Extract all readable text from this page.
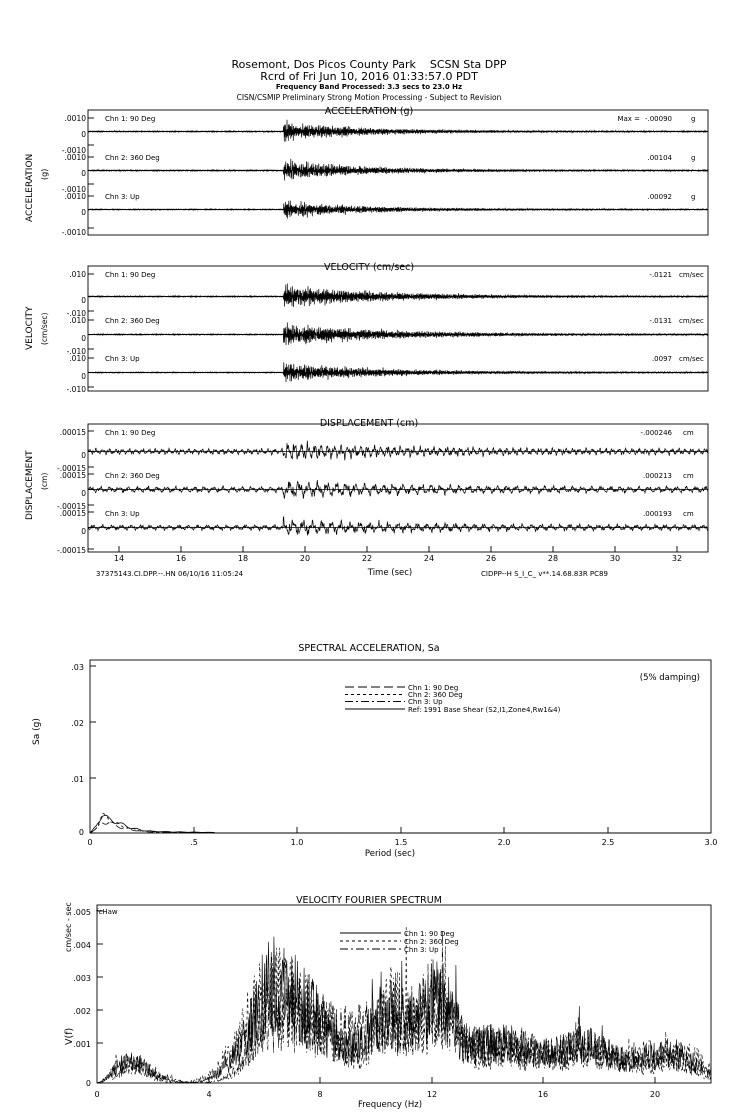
Rosemont, Dos Picos County Park    SCSN Sta DPP
Rcrd of Fri Jun 10, 2016 01:33:57.0 PDT
Frequency Band Processed: 3.3 secs to 23.0 Hz
CISN/CSMIP Preliminary Strong Motion Processing - Subject to Revision
ACCELERATION (g)
ACCELERATION (g)
.0010
0
-.0010
.0010
0
-.0010
.0010
0
-.0010
Chn 1: 90 Deg
Chn 2: 360 Deg
Chn 3: Up
Max = -.00090	g
.00104	g
.00092	g
VELOCITY (cm/sec)
VELOCITY (cm/sec)
.010
0
-.010
.010
0
-.010
.010
0
-.010
Chn 1: 90 Deg
Chn 2: 360 Deg
Chn 3: Up
-.0121 cm/sec
-.0131 cm/sec
.0097 cm/sec
DISPLACEMENT (cm)
DISPLACEMENT (cm)
.00015
0
-.00015
.00015
0
-.00015
.00015
0
-.00015
Chn 1: 90 Deg
Chn 2: 360 Deg
Chn 3: Up
-.000246 cm
.000213 cm
.000193 cm
14	16	18	20	22	24	26	28	30	32
37375143.CI.DPP.--.HN 06/10/16 11:05:24	Time (sec)	CIDPP--H S_I_C_ v**.14.68.83R PC89
SPECTRAL ACCELERATION, Sa
Sa (g)
.03
.02
.01
0
0	.5	1.0	1.5	2.0	2.5	3.0
Period (sec)
(5% damping)
Chn 1: 90 Deg
Chn 2: 360 Deg
Chn 3: Up
Ref: 1991 Base Shear (S2,I1,Zone4,Rw1&4)
VELOCITY FOURIER SPECTRUM
cm/sec - sec
V(f)
fcHaw
.005
.004
.003
.002
.001
0
0	4	8	12	16	20
Frequency (Hz)
Chn 1: 90 Deg
Chn 2: 360 Deg
Chn 3: Up
